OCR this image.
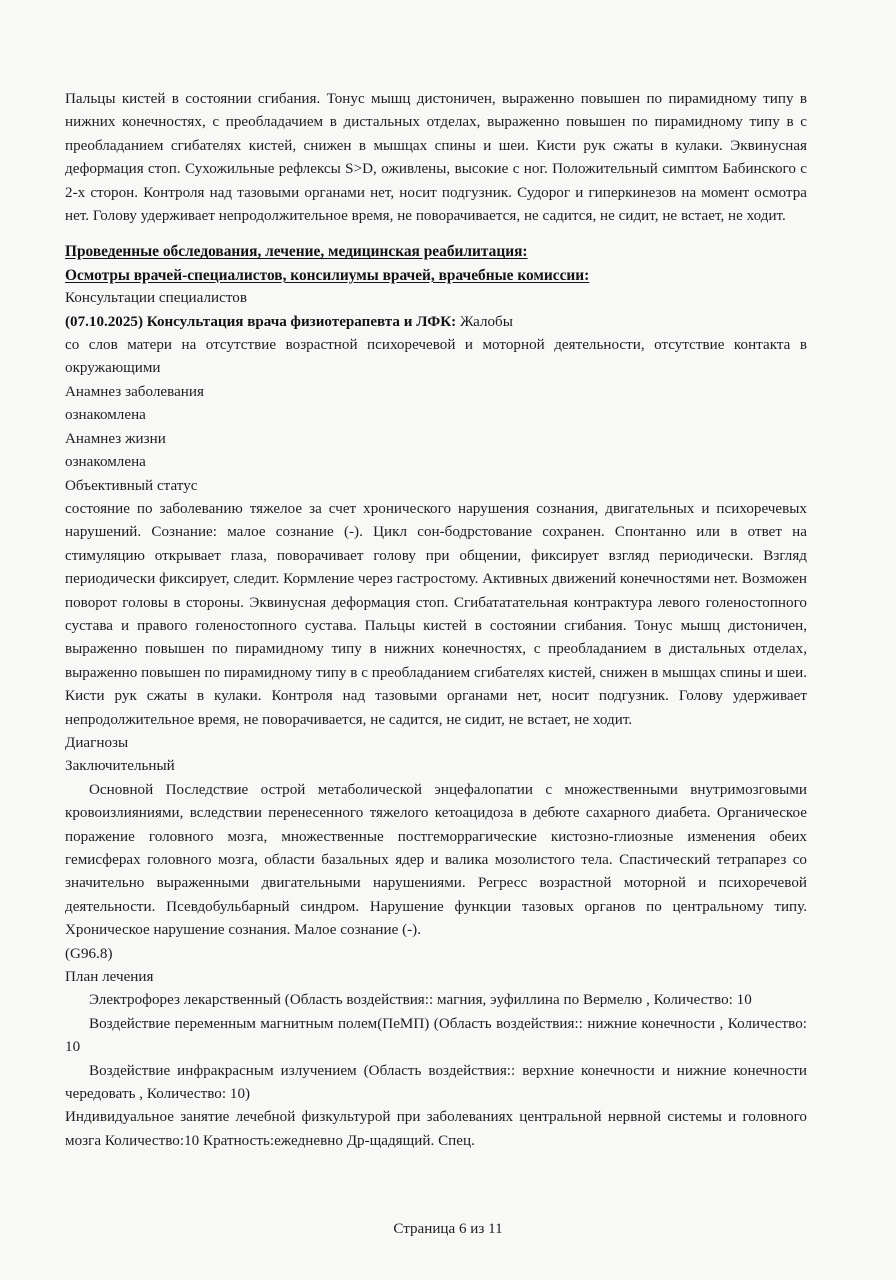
Пальцы кистей в состоянии сгибания. Тонус мышц дистоничен, выраженно повышен по пирамидному типу в нижних конечностях, с преобладачием в дистальных отделах, выраженно повышен по пирамидному типу в с преобладанием сгибателях кистей, снижен в мышцах спины и шеи. Кисти рук сжаты в кулаки. Эквинусная деформация стоп. Сухожильные рефлексы S>D, оживлены, высокие с ног. Положительный симптом Бабинского с 2-х сторон. Контроля над тазовыми органами нет, носит подгузник. Судорог и гиперкинезов на момент осмотра нет. Голову удерживает непродолжительное время, не поворачивается, не садится, не сидит, не встает, не ходит.

Проведенные обследования, лечение, медицинская реабилитация:

Осмотры врачей-специалистов, консилиумы врачей, врачебные комиссии:

Консультации специалистов

(07.10.2025) Консультация врача физиотерапевта и ЛФК: Жалобы

со слов матери на отсутствие возрастной психоречевой и моторной деятельности, отсутствие контакта в окружающими

Анамнез заболевания

ознакомлена

Анамнез жизни

ознакомлена

Объективный статус

состояние по заболеванию тяжелое за счет хронического нарушения сознания, двигательных и психоречевых нарушений. Сознание: малое сознание (-). Цикл сон-бодрстование сохранен. Спонтанно или в ответ на стимуляцию открывает глаза, поворачивает голову при общении, фиксирует взгляд периодически. Взгляд периодически фиксирует, следит. Кормление через гастростому. Активных движений конечностями нет. Возможен поворот головы в стороны. Эквинусная деформация стоп. Сгибататательная контрактура левого голеностопного сустава и правого голеностопного сустава. Пальцы кистей в состоянии сгибания. Тонус мышц дистоничен, выраженно повышен по пирамидному типу в нижних конечностях, с преобладанием в дистальных отделах, выраженно повышен по пирамидному типу в с преобладанием сгибателях кистей, снижен в мышцах спины и шеи. Кисти рук сжаты в кулаки. Контроля над тазовыми органами нет, носит подгузник. Голову удерживает непродолжительное время, не поворачивается, не садится, не сидит, не встает, не ходит.

Диагнозы

Заключительный

Основной Последствие острой метаболической энцефалопатии с множественными внутримозговыми кровоизлияниями, вследствии перенесенного тяжелого кетоацидоза в дебюте сахарного диабета. Органическое поражение головного мозга, множественные постгеморрагические кистозно-глиозные изменения обеих гемисферах головного мозга, области базальных ядер и валика мозолистого тела. Спастический тетрапарез со значительно выраженными двигательными нарушениями. Регресс возрастной моторной и психоречевой деятельности. Псевдобульбарный синдром. Нарушение функции тазовых органов по центральному типу. Хроническое нарушение сознания. Малое сознание (-).

(G96.8)

План лечения

Электрофорез лекарственный (Область воздействия:: магния, эуфиллина по Вермелю , Количество: 10

Воздействие переменным магнитным полем(ПеМП) (Область воздействия:: нижние конечности , Количество: 10

Воздействие инфракрасным излучением (Область воздействия:: верхние конечности и нижние конечности чередовать , Количество: 10)

Индивидуальное занятие лечебной физкультурой при заболеваниях центральной нервной системы и головного мозга Количество:10 Кратность:ежедневно Др-щадящий. Спец.

Страница 6 из 11
